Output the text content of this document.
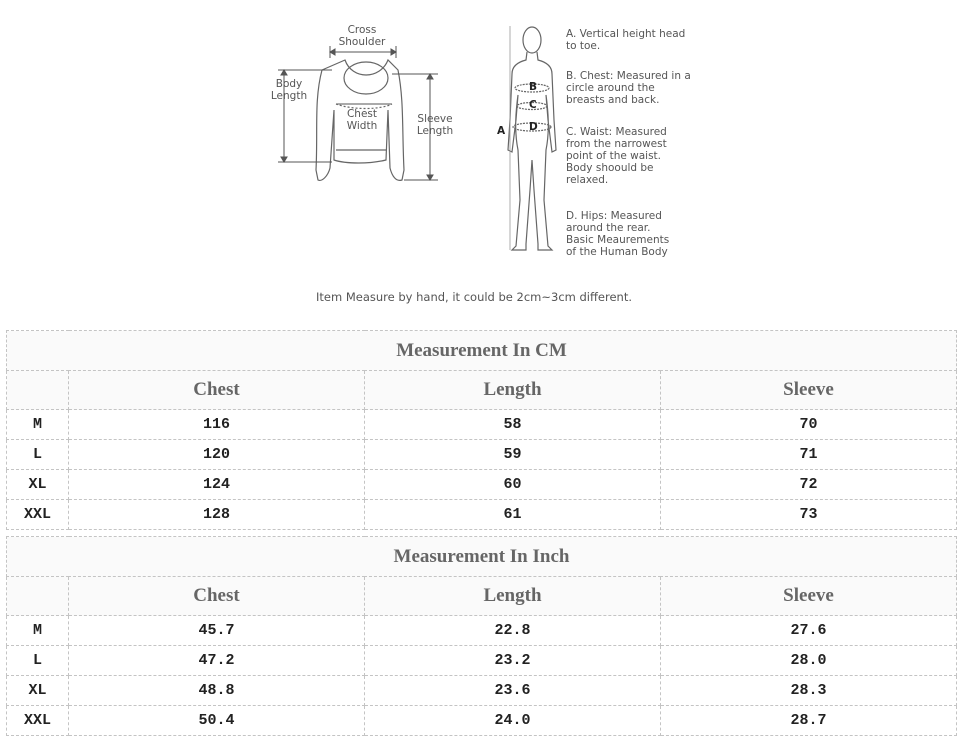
Cross
Shoulder
Body
Length
Chest
Width
Sleeve
Length	A
B
C
D
A. Vertical height head
to toe.
B. Chest: Measured in a
circle around the
breasts and back.
C. Waist: Measured
from the narrowest
point of the waist.
Body shoould be
relaxed.
D. Hips: Measured
around the rear.
Basic Meaurements
of the Human Body
Item Measure by hand, it could be 2cm~3cm different.
Measurement In CM			
	Chest	Length	Sleeve
M	116	58	70
L	120	59	71
XL	124	60	72
XXL	128	61	73
Measurement In Inch			
	Chest	Length	Sleeve
M	45.7	22.8	27.6
L	47.2	23.2	28.0
XL	48.8	23.6	28.3
XXL	50.4	24.0	28.7
